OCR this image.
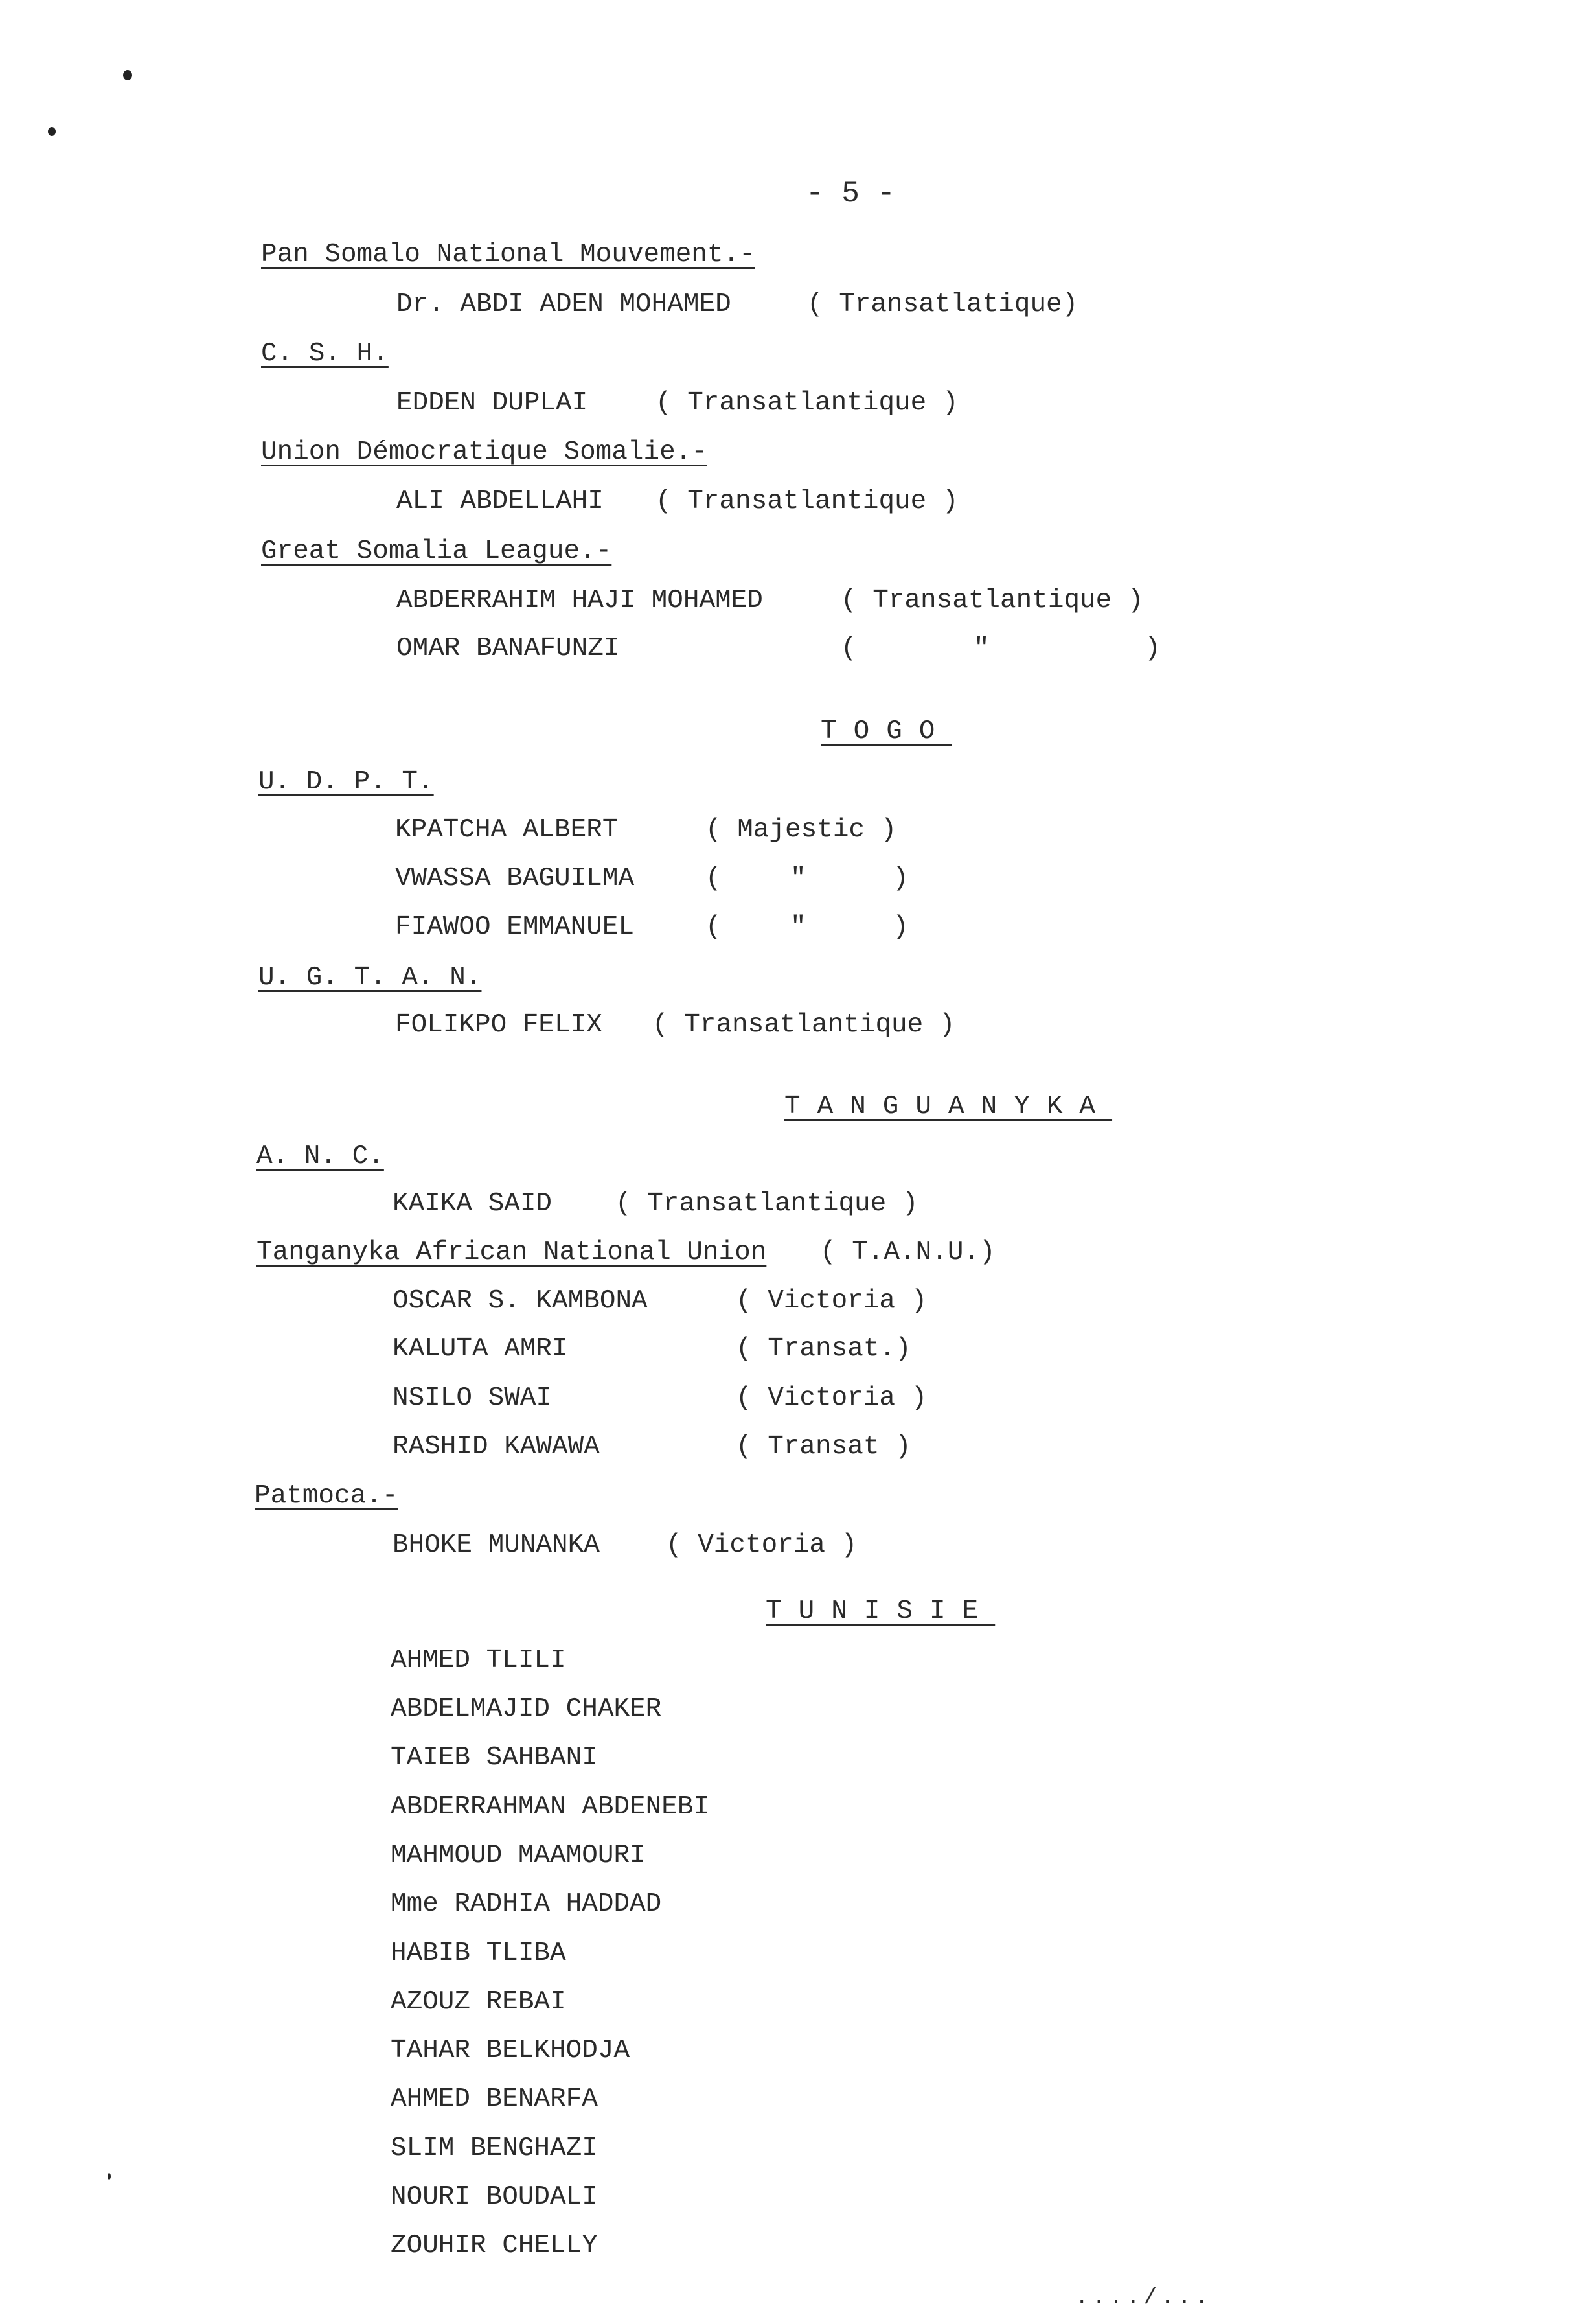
- 5 -
Pan Somalo National Mouvement.-
Dr. ABDI ADEN MOHAMED	( Transatlatique)
C. S. H.
EDDEN DUPLAI	( Transatlantique )
Union Démocratique Somalie.-
ALI ABDELLAHI ( Transatlantique )
Great Somalia League.-
ABDERRAHIM HAJI MOHAMED	( Transatlantique )
OMAR BANAFUNZI	(	"	)
TOGO
U. D. P. T.
KPATCHA ALBERT	( Majestic )
VWASSA BAGUILMA	(	"	)
FIAWOO EMMANUEL	(	"	)
U. G. T. A. N.
FOLIKPO FELIX ( Transatlantique )
TANGUANYKA
A. N. C.
KAIKA SAID ( Transatlantique )
Tanganyka African National Union ( T.A.N.U.)
OSCAR S. KAMBONA	( Victoria )
KALUTA AMRI	( Transat.)
NSILO SWAI	( Victoria )
RASHID KAWAWA	( Transat )
Patmoca.-
BHOKE MUNANKA ( Victoria )
TUNISIE
AHMED TLILI
ABDELMAJID CHAKER
TAIEB SAHBANI
ABDERRAHMAN ABDENEBI
MAHMOUD MAAMOURI
Mme RADHIA HADDAD
HABIB TLIBA
AZOUZ REBAI
TAHAR BELKHODJA
AHMED BENARFA
SLIM BENGHAZI
NOURI BOUDALI
ZOUHIR CHELLY
..../...
